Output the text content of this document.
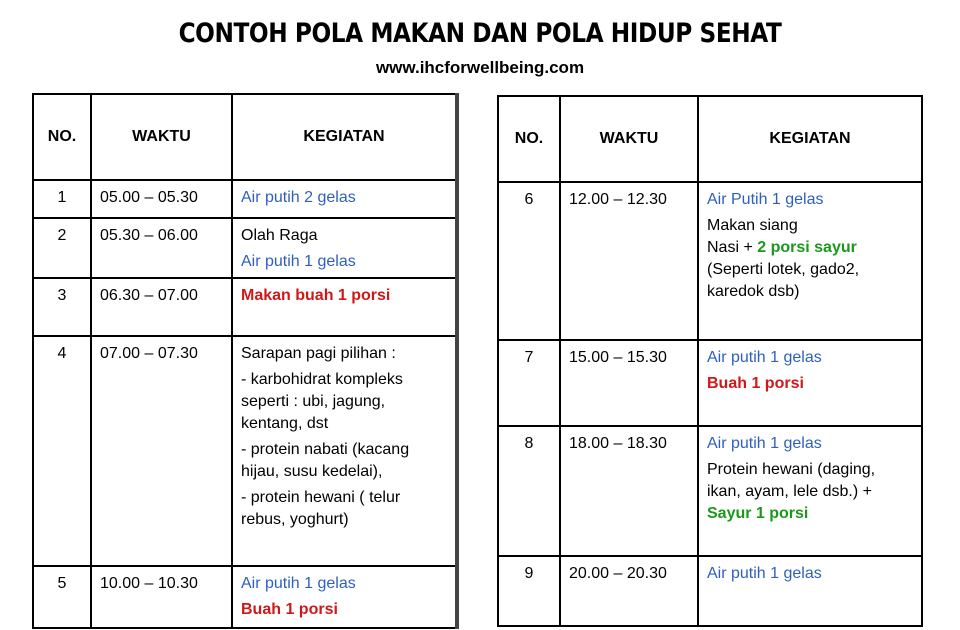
CONTOH POLA MAKAN DAN POLA HIDUP SEHAT
www.ihcforwellbeing.com
NO.	WAKTU	KEGIATAN
1	05.00 – 05.30	Air putih 2 gelas

2	05.30 – 06.00	Olah Raga
Air putih 1 gelas

3	06.30 – 07.00	Makan buah 1 porsi

4	07.00 – 07.30	Sarapan pagi pilihan :
- karbohidrat kompleks seperti : ubi, jagung, kentang, dst
- protein nabati (kacang hijau, susu kedelai),
- protein hewani ( telur rebus, yoghurt)

5	10.00 – 10.30	Air putih 1 gelas
Buah 1 porsi
NO.	WAKTU	KEGIATAN
6	12.00 – 12.30	Air Putih 1 gelas
Makan siang
Nasi + 2 porsi sayur
(Seperti lotek, gado2, karedok dsb)

7	15.00 – 15.30	Air putih 1 gelas
Buah 1 porsi

8	18.00 – 18.30	Air putih 1 gelas
Protein hewani (daging, ikan, ayam, lele dsb.) +
Sayur 1 porsi

9	20.00 – 20.30	Air putih 1 gelas
